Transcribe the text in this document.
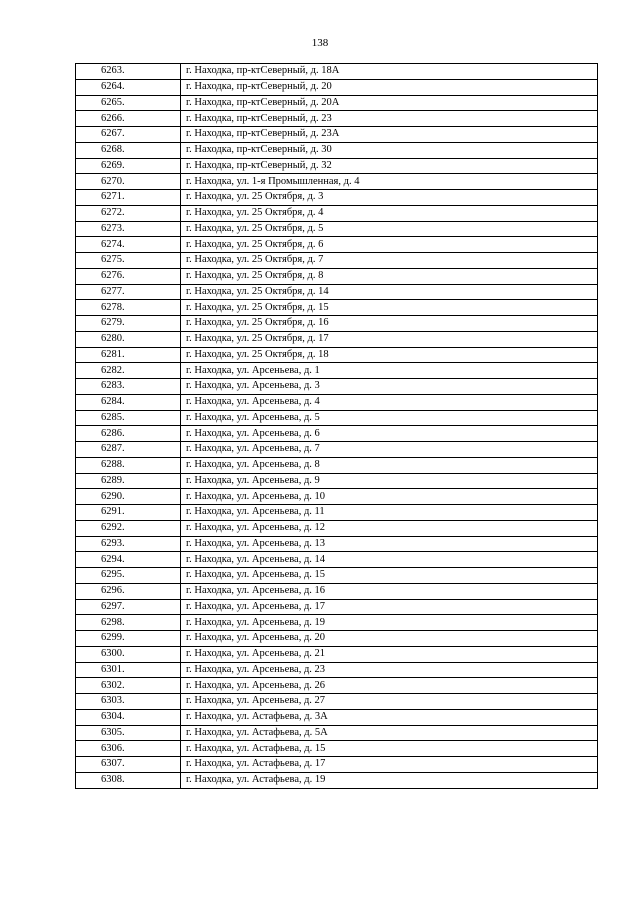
138
6263.	г. Находка, пр-ктСеверный, д. 18А
6264.	г. Находка, пр-ктСеверный, д. 20
6265.	г. Находка, пр-ктСеверный, д. 20А
6266.	г. Находка, пр-ктСеверный, д. 23
6267.	г. Находка, пр-ктСеверный, д. 23А
6268.	г. Находка, пр-ктСеверный, д. 30
6269.	г. Находка, пр-ктСеверный, д. 32
6270.	г. Находка, ул. 1-я Промышленная, д. 4
6271.	г. Находка, ул. 25 Октября, д. 3
6272.	г. Находка, ул. 25 Октября, д. 4
6273.	г. Находка, ул. 25 Октября, д. 5
6274.	г. Находка, ул. 25 Октября, д. 6
6275.	г. Находка, ул. 25 Октября, д. 7
6276.	г. Находка, ул. 25 Октября, д. 8
6277.	г. Находка, ул. 25 Октября, д. 14
6278.	г. Находка, ул. 25 Октября, д. 15
6279.	г. Находка, ул. 25 Октября, д. 16
6280.	г. Находка, ул. 25 Октября, д. 17
6281.	г. Находка, ул. 25 Октября, д. 18
6282.	г. Находка, ул. Арсеньева, д. 1
6283.	г. Находка, ул. Арсеньева, д. 3
6284.	г. Находка, ул. Арсеньева, д. 4
6285.	г. Находка, ул. Арсеньева, д. 5
6286.	г. Находка, ул. Арсеньева, д. 6
6287.	г. Находка, ул. Арсеньева, д. 7
6288.	г. Находка, ул. Арсеньева, д. 8
6289.	г. Находка, ул. Арсеньева, д. 9
6290.	г. Находка, ул. Арсеньева, д. 10
6291.	г. Находка, ул. Арсеньева, д. 11
6292.	г. Находка, ул. Арсеньева, д. 12
6293.	г. Находка, ул. Арсеньева, д. 13
6294.	г. Находка, ул. Арсеньева, д. 14
6295.	г. Находка, ул. Арсеньева, д. 15
6296.	г. Находка, ул. Арсеньева, д. 16
6297.	г. Находка, ул. Арсеньева, д. 17
6298.	г. Находка, ул. Арсеньева, д. 19
6299.	г. Находка, ул. Арсеньева, д. 20
6300.	г. Находка, ул. Арсеньева, д. 21
6301.	г. Находка, ул. Арсеньева, д. 23
6302.	г. Находка, ул. Арсеньева, д. 26
6303.	г. Находка, ул. Арсеньева, д. 27
6304.	г. Находка, ул. Астафьева, д. 3А
6305.	г. Находка, ул. Астафьева, д. 5А
6306.	г. Находка, ул. Астафьева, д. 15
6307.	г. Находка, ул. Астафьева, д. 17
6308.	г. Находка, ул. Астафьева, д. 19
